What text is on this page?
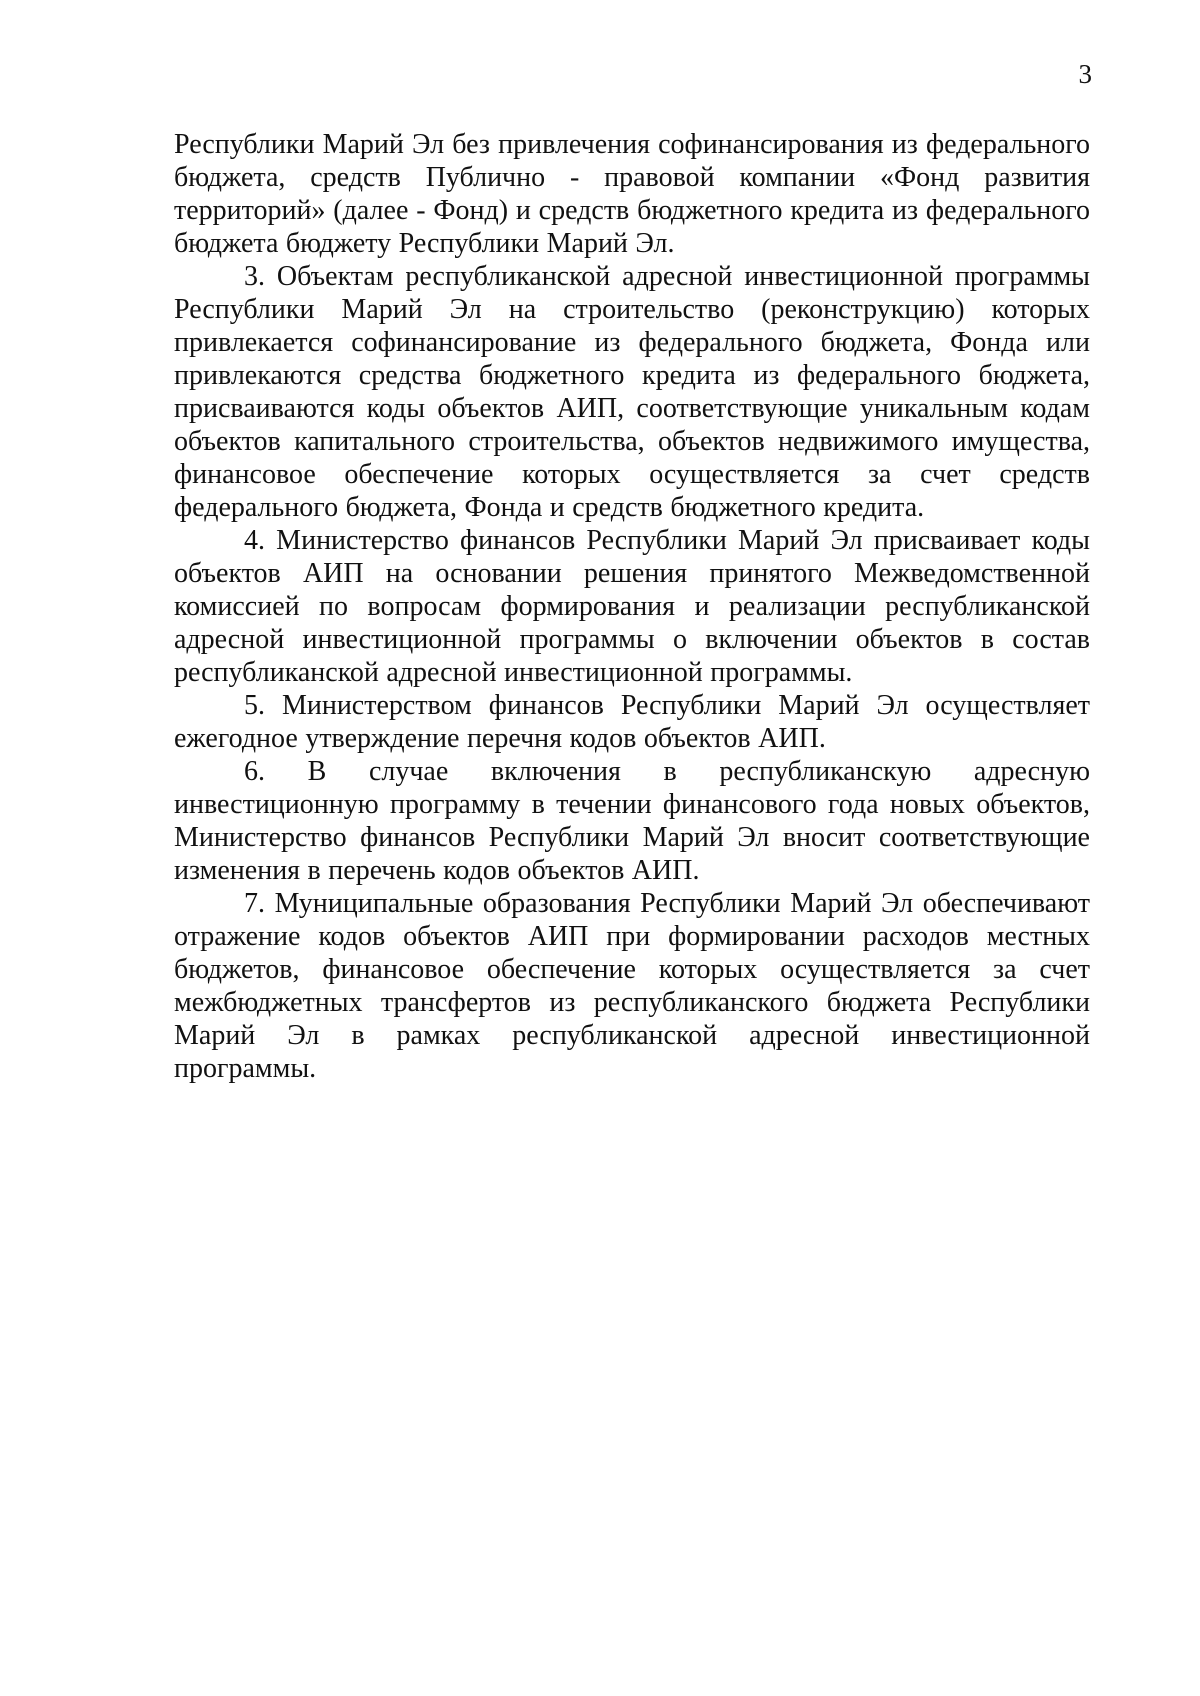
3

Республики Марий Эл без привлечения софинансирования из федерального бюджета, средств Публично - правовой компании «Фонд развития территорий» (далее - Фонд) и средств бюджетного кредита из федерального бюджета бюджету Республики Марий Эл.

3. Объектам республиканской адресной инвестиционной программы Республики Марий Эл на строительство (реконструкцию) которых привлекается софинансирование из федерального бюджета, Фонда или привлекаются средства бюджетного кредита из федерального бюджета, присваиваются коды объектов АИП, соответствующие уникальным кодам объектов капитального строительства, объектов недвижимого имущества, финансовое обеспечение которых осуществляется за счет средств федерального бюджета, Фонда и средств бюджетного кредита.

4. Министерство финансов Республики Марий Эл присваивает коды объектов АИП на основании решения принятого Межведомственной комиссией по вопросам формирования и реализации республиканской адресной инвестиционной программы о включении объектов в состав республиканской адресной инвестиционной программы.

5. Министерством финансов Республики Марий Эл осуществляет ежегодное утверждение перечня кодов объектов АИП.

6. В случае включения в республиканскую адресную инвестиционную программу в течении финансового года новых объектов, Министерство финансов Республики Марий Эл вносит соответствующие изменения в перечень кодов объектов АИП.

7. Муниципальные образования Республики Марий Эл обеспечивают отражение кодов объектов АИП при формировании расходов местных бюджетов, финансовое обеспечение которых осуществляется за счет межбюджетных трансфертов из республиканского бюджета Республики Марий Эл в рамках республиканской адресной инвестиционной программы.
